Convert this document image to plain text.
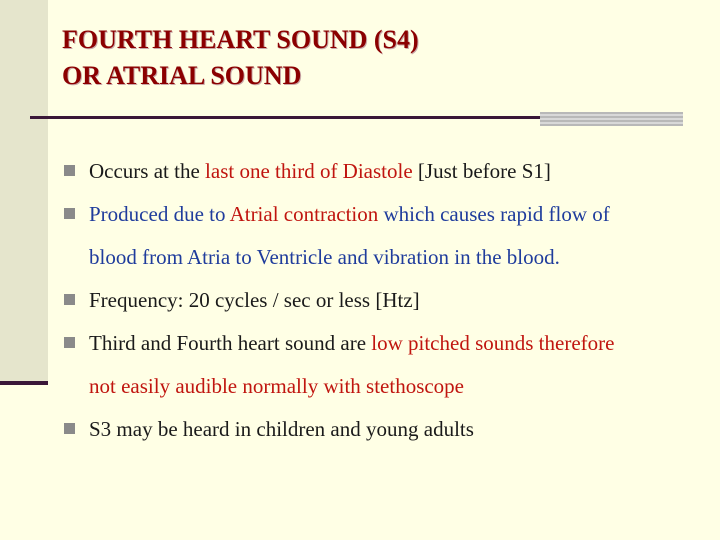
FOURTH HEART SOUND (S4)
OR ATRIAL SOUND
Occurs at the last one third of Diastole [Just before S1]
Produced due to Atrial contraction which causes rapid flow of
blood from Atria to Ventricle and vibration in the blood.
Frequency: 20 cycles / sec or less [Htz]
Third and Fourth heart sound are low pitched sounds therefore
not easily audible normally with stethoscope
S3 may be heard in children and young adults
